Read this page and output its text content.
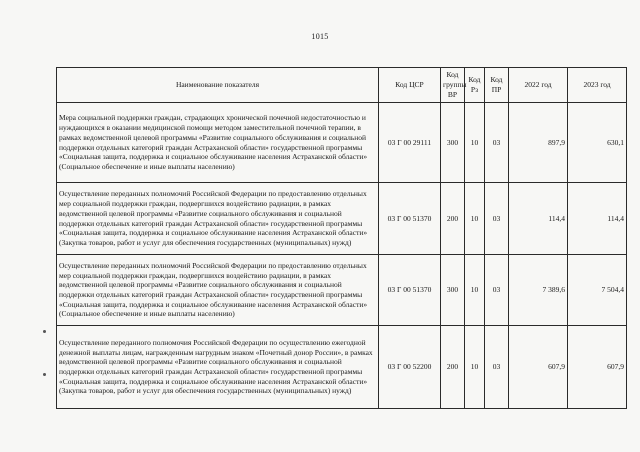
1015
Наименование показателя	Код ЦСР	Код группы ВР	Код Рз	Код ПР	2022 год	2023 год
Мера социальной поддержки граждан, страдающих хронической почечной недостаточностью и нуждающихся в оказании медицинской помощи методом заместительной почечной терапии, в рамках ведомственной целевой программы «Развитие социального обслуживания и социальной поддержки отдельных категорий граждан Астраханской области» государственной программы «Социальная защита, поддержка и социальное обслуживание населения Астраханской области» (Социальное обеспечение и иные выплаты населению)	03 Г 00 29111	300	10	03	897,9	630,1
Осуществление переданных полномочий Российской Федерации по предоставлению отдельных мер социальной поддержки граждан, подвергшихся воздействию радиации, в рамках ведомственной целевой программы «Развитие социального обслуживания и социальной поддержки отдельных категорий граждан Астраханской области» государственной программы «Социальная защита, поддержка и социальное обслуживание населения Астраханской области» (Закупка товаров, работ и услуг для обеспечения государственных (муниципальных) нужд)	03 Г 00 51370	200	10	03	114,4	114,4
Осуществление переданных полномочий Российской Федерации по предоставлению отдельных мер социальной поддержки граждан, подвергшихся воздействию радиации, в рамках ведомственной целевой программы «Развитие социального обслуживания и социальной поддержки отдельных категорий граждан Астраханской области» государственной программы «Социальная защита, поддержка и социальное обслуживание населения Астраханской области» (Социальное обеспечение и иные выплаты населению)	03 Г 00 51370	300	10	03	7 389,6	7 504,4
Осуществление переданного полномочия Российской Федерации по осуществлению ежегодной денежной выплаты лицам, награжденным нагрудным знаком «Почетный донор России», в рамках ведомственной целевой программы «Развитие социального обслуживания и социальной поддержки отдельных категорий граждан Астраханской области» государственной программы «Социальная защита, поддержка и социальное обслуживание населения Астраханской области» (Закупка товаров, работ и услуг для обеспечения государственных (муниципальных) нужд)	03 Г 00 52200	200	10	03	607,9	607,9
